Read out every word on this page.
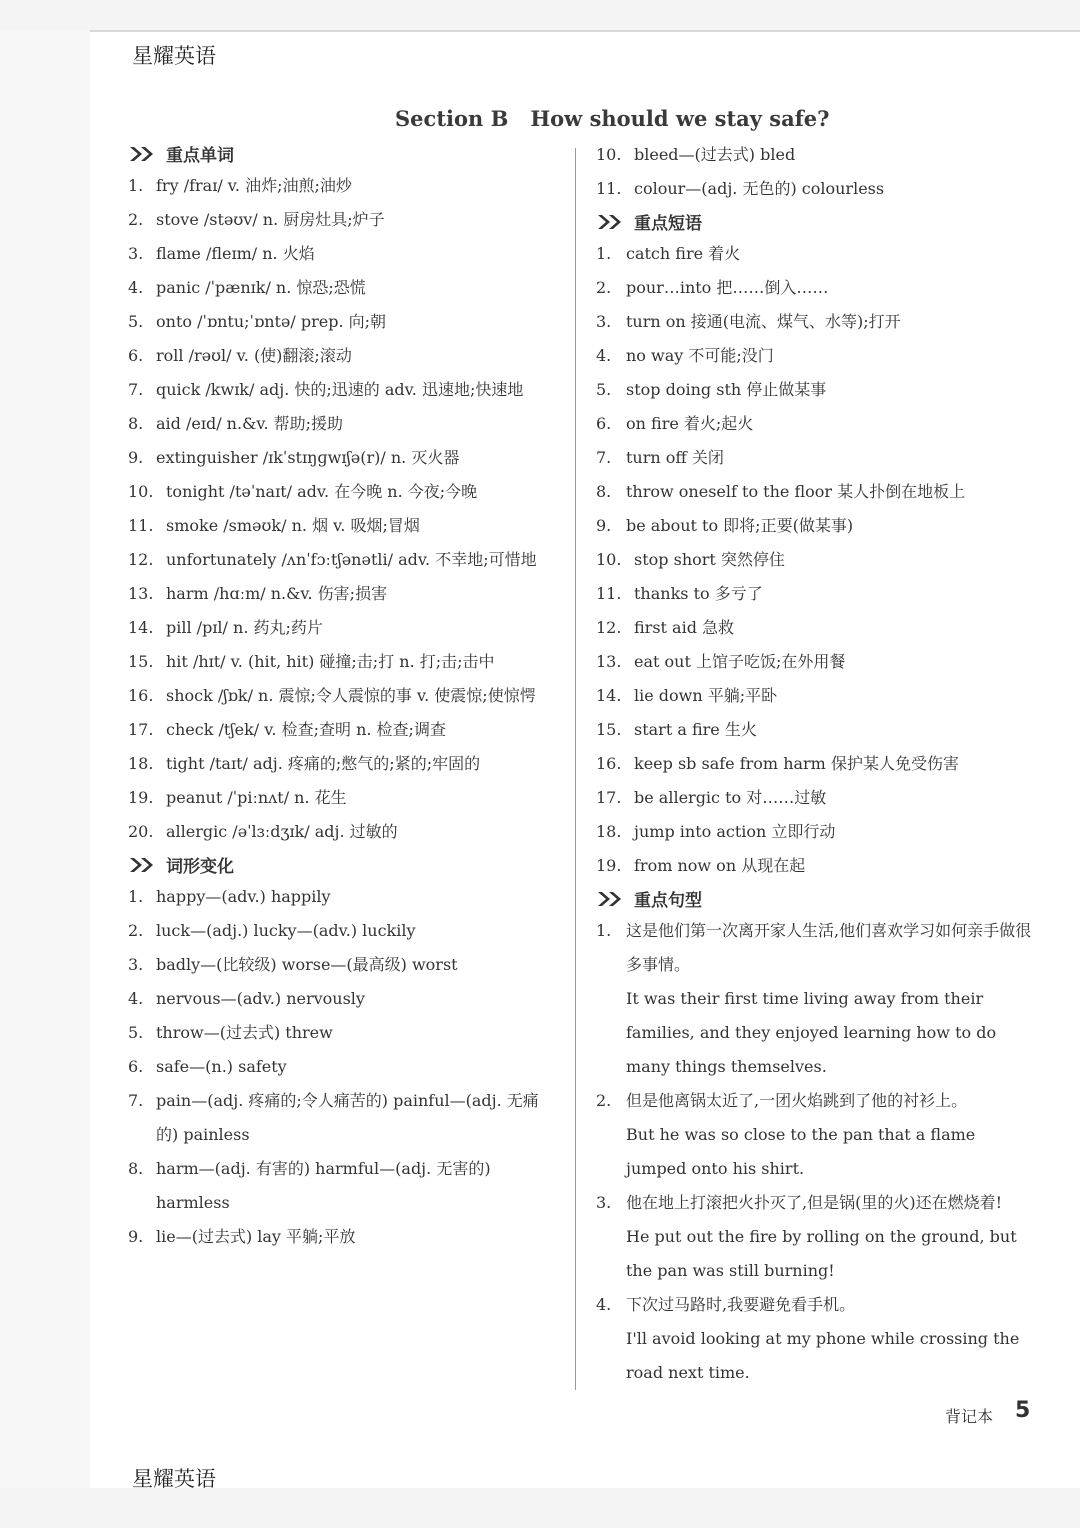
星耀英语
星耀英语
Section B How should we stay safe?
重点单词
1. fry /fraɪ/ v. 油炸;油煎;油炒
2. stove /stəʊv/ n. 厨房灶具;炉子
3. flame /fleɪm/ n. 火焰
4. panic /ˈpænɪk/ n. 惊恐;恐慌
5. onto /ˈɒntu;ˈɒntə/ prep. 向;朝
6. roll /rəʊl/ v. (使)翻滚;滚动
7. quick /kwɪk/ adj. 快的;迅速的 adv. 迅速地;快速地
8. aid /eɪd/ n.&v. 帮助;援助
9. extinguisher /ɪkˈstɪŋɡwɪʃə(r)/ n. 灭火器
10. tonight /təˈnaɪt/ adv. 在今晚 n. 今夜;今晚
11. smoke /sməʊk/ n. 烟 v. 吸烟;冒烟
12. unfortunately /ʌnˈfɔːtʃənətli/ adv. 不幸地;可惜地
13. harm /hɑːm/ n.&v. 伤害;损害
14. pill /pɪl/ n. 药丸;药片
15. hit /hɪt/ v. (hit, hit) 碰撞;击;打 n. 打;击;击中
16. shock /ʃɒk/ n. 震惊;令人震惊的事 v. 使震惊;使惊愕
17. check /tʃek/ v. 检查;查明 n. 检查;调查
18. tight /taɪt/ adj. 疼痛的;憋气的;紧的;牢固的
19. peanut /ˈpiːnʌt/ n. 花生
20. allergic /əˈlɜːdʒɪk/ adj. 过敏的
词形变化
1. happy—(adv.) happily
2. luck—(adj.) lucky—(adv.) luckily
3. badly—(比较级) worse—(最高级) worst
4. nervous—(adv.) nervously
5. throw—(过去式) threw
6. safe—(n.) safety
7. pain—(adj. 疼痛的;令人痛苦的) painful—(adj. 无痛的) painless
8. harm—(adj. 有害的) harmful—(adj. 无害的) harmless
9. lie—(过去式) lay 平躺;平放
10. bleed—(过去式) bled
11. colour—(adj. 无色的) colourless
重点短语
1. catch fire 着火
2. pour…into 把……倒入……
3. turn on 接通(电流、煤气、水等);打开
4. no way 不可能;没门
5. stop doing sth 停止做某事
6. on fire 着火;起火
7. turn off 关闭
8. throw oneself to the floor 某人扑倒在地板上
9. be about to 即将;正要(做某事)
10. stop short 突然停住
11. thanks to 多亏了
12. first aid 急救
13. eat out 上馆子吃饭;在外用餐
14. lie down 平躺;平卧
15. start a fire 生火
16. keep sb safe from harm 保护某人免受伤害
17. be allergic to 对……过敏
18. jump into action 立即行动
19. from now on 从现在起
重点句型
1. 这是他们第一次离开家人生活,他们喜欢学习如何亲手做很多事情。
It was their first time living away from their families, and they enjoyed learning how to do many things themselves.
2. 但是他离锅太近了,一团火焰跳到了他的衬衫上。
But he was so close to the pan that a flame jumped onto his shirt.
3. 他在地上打滚把火扑灭了,但是锅(里的火)还在燃烧着!
He put out the fire by rolling on the ground, but the pan was still burning!
4. 下次过马路时,我要避免看手机。
I'll avoid looking at my phone while crossing the road next time.
背记本 5
